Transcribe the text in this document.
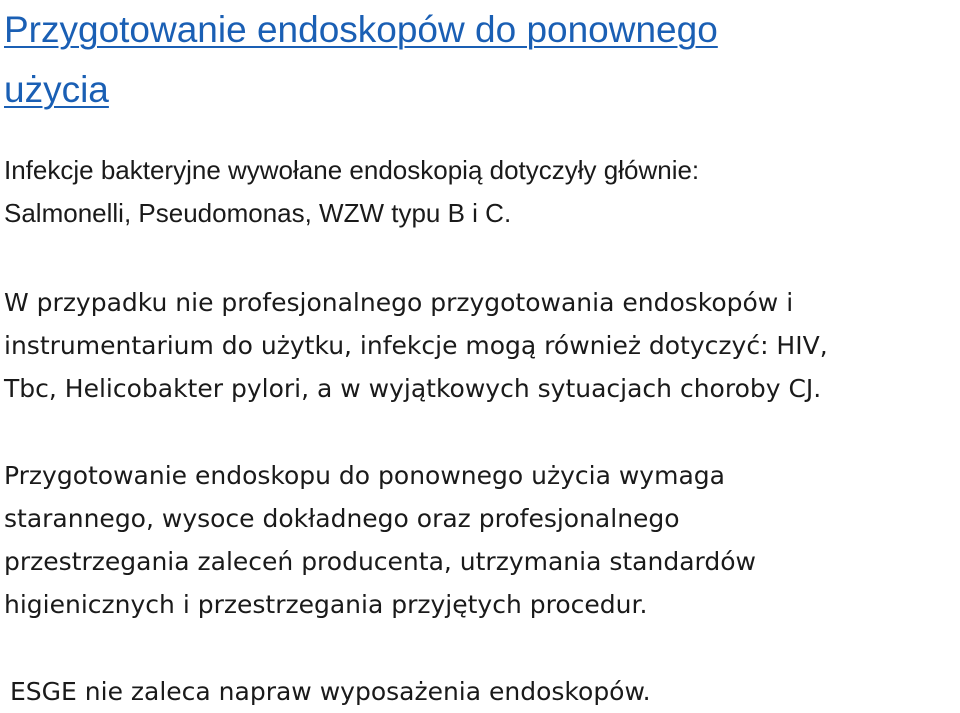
Przygotowanie endoskopów do ponownego
użycia

Infekcje bakteryjne wywołane endoskopią dotyczyły głównie:
Salmonelli, Pseudomonas, WZW typu B i C.

W przypadku nie profesjonalnego przygotowania endoskopów i
instrumentarium do użytku, infekcje mogą również dotyczyć: HIV,
Tbc, Helicobakter pylori, a w wyjątkowych sytuacjach choroby CJ.

Przygotowanie endoskopu do ponownego użycia wymaga
starannego, wysoce dokładnego oraz profesjonalnego
przestrzegania zaleceń producenta, utrzymania standardów
higienicznych i przestrzegania przyjętych procedur.

ESGE nie zaleca napraw wyposażenia endoskopów.
